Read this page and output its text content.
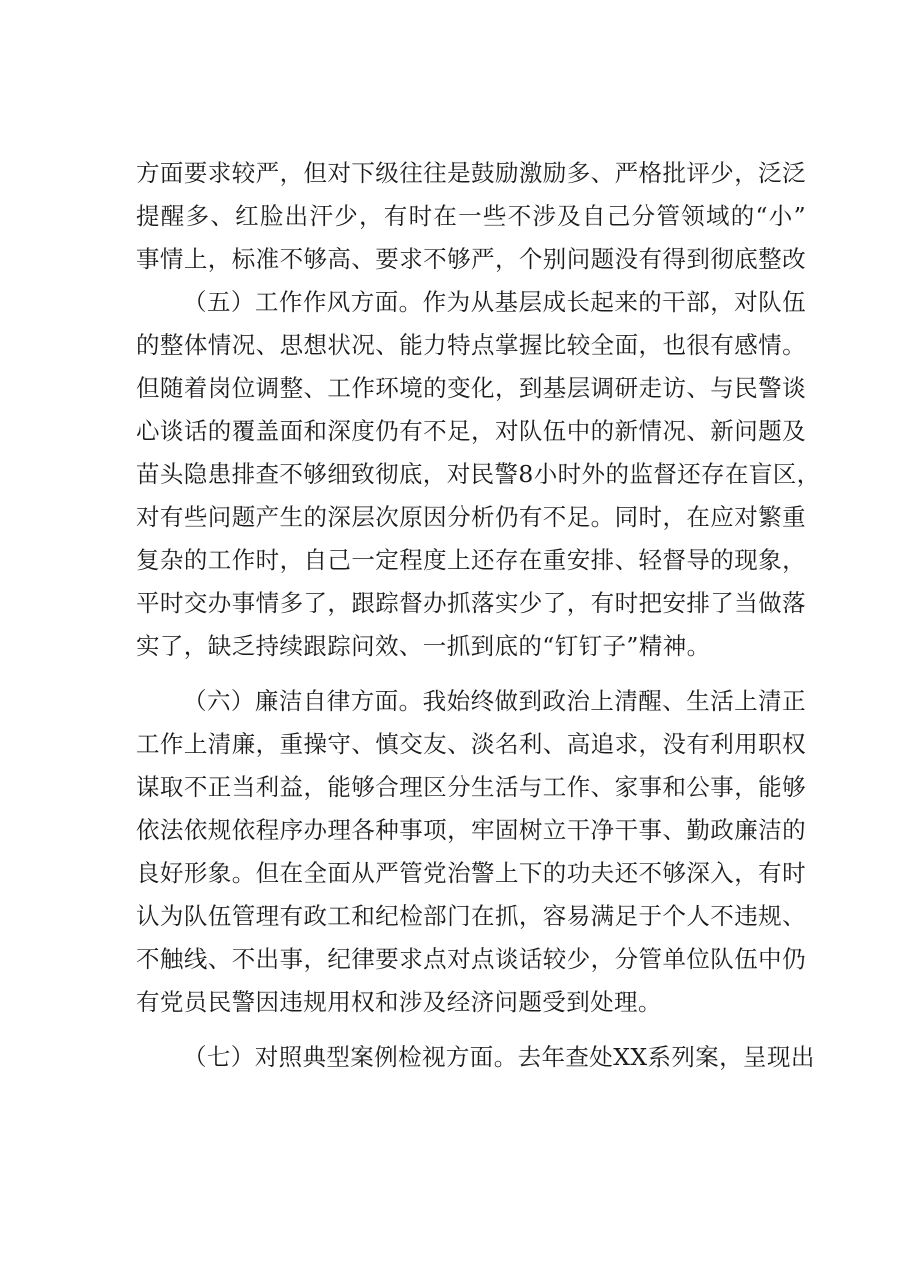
方面要求较严，但对下级往往是鼓励激励多、严格批评少，泛泛
提醒多、红脸出汗少，有时在一些不涉及自己分管领域的“小”
事情上，标准不够高、要求不够严，个别问题没有得到彻底整改
（五）工作作风方面。作为从基层成长起来的干部，对队伍
的整体情况、思想状况、能力特点掌握比较全面，也很有感情。
但随着岗位调整、工作环境的变化，到基层调研走访、与民警谈
心谈话的覆盖面和深度仍有不足，对队伍中的新情况、新问题及
苗头隐患排查不够细致彻底，对民警8小时外的监督还存在盲区，
对有些问题产生的深层次原因分析仍有不足。同时，在应对繁重
复杂的工作时，自己一定程度上还存在重安排、轻督导的现象，
平时交办事情多了，跟踪督办抓落实少了，有时把安排了当做落
实了，缺乏持续跟踪问效、一抓到底的“钉钉子”精神。
（六）廉洁自律方面。我始终做到政治上清醒、生活上清正
工作上清廉，重操守、慎交友、淡名利、高追求，没有利用职权
谋取不正当利益，能够合理区分生活与工作、家事和公事，能够
依法依规依程序办理各种事项，牢固树立干净干事、勤政廉洁的
良好形象。但在全面从严管党治警上下的功夫还不够深入，有时
认为队伍管理有政工和纪检部门在抓，容易满足于个人不违规、
不触线、不出事，纪律要求点对点谈话较少，分管单位队伍中仍
有党员民警因违规用权和涉及经济问题受到处理。
（七）对照典型案例检视方面。去年查处XX系列案，呈现出
